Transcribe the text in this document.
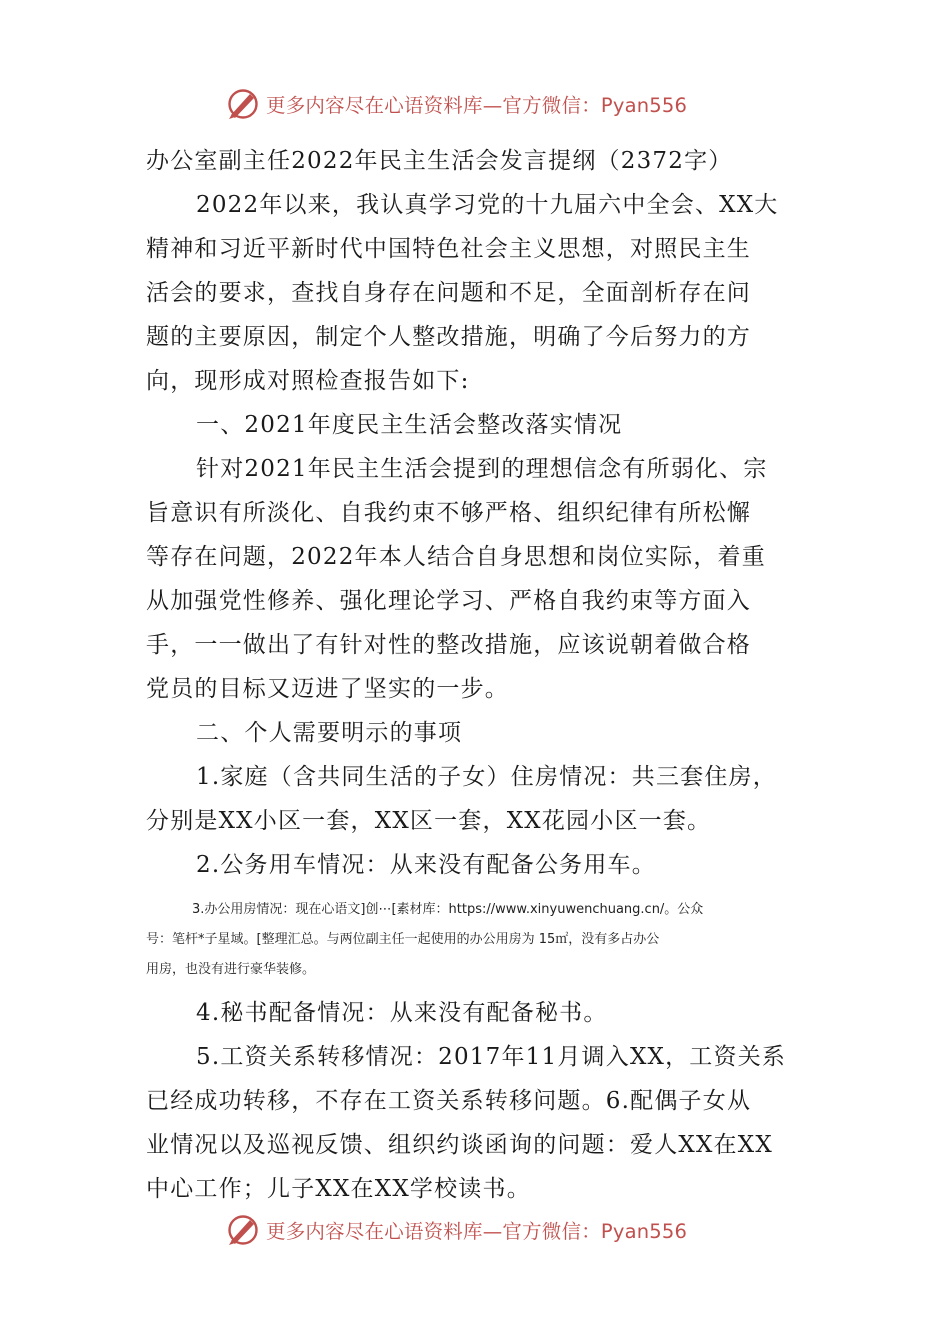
更多内容尽在心语资料库—官方微信：Pyan556
办公室副主任2022年民主生活会发言提纲（2372字）
2022年以来，我认真学习党的十九届六中全会、XX大
精神和习近平新时代中国特色社会主义思想，对照民主生
活会的要求，查找自身存在问题和不足，全面剖析存在问
题的主要原因，制定个人整改措施，明确了今后努力的方
向，现形成对照检查报告如下:
一、2021年度民主生活会整改落实情况
针对2021年民主生活会提到的理想信念有所弱化、宗
旨意识有所淡化、自我约束不够严格、组织纪律有所松懈
等存在问题，2022年本人结合自身思想和岗位实际，着重
从加强党性修养、强化理论学习、严格自我约束等方面入
手，一一做出了有针对性的整改措施，应该说朝着做合格
党员的目标又迈进了坚实的一步。
二、个人需要明示的事项
1.家庭（含共同生活的子女）住房情况：共三套住房，
分别是XX小区一套，XX区一套，XX花园小区一套。
2.公务用车情况：从来没有配备公务用车。
3.办公用房情况：现在心语文]创⋯[素材库：https://www.xinyuwenchuang.cn/。公众
号：笔杆*子星域。[整理汇总。与两位副主任一起使用的办公用房为 15㎡，没有多占办公
用房，也没有进行豪华装修。
4.秘书配备情况：从来没有配备秘书。
5.工资关系转移情况：2017年11月调入XX，工资关系
已经成功转移，不存在工资关系转移问题。6.配偶子女从
业情况以及巡视反馈、组织约谈函询的问题：爱人XX在XX
中心工作；儿子XX在XX学校读书。
更多内容尽在心语资料库—官方微信：Pyan556
